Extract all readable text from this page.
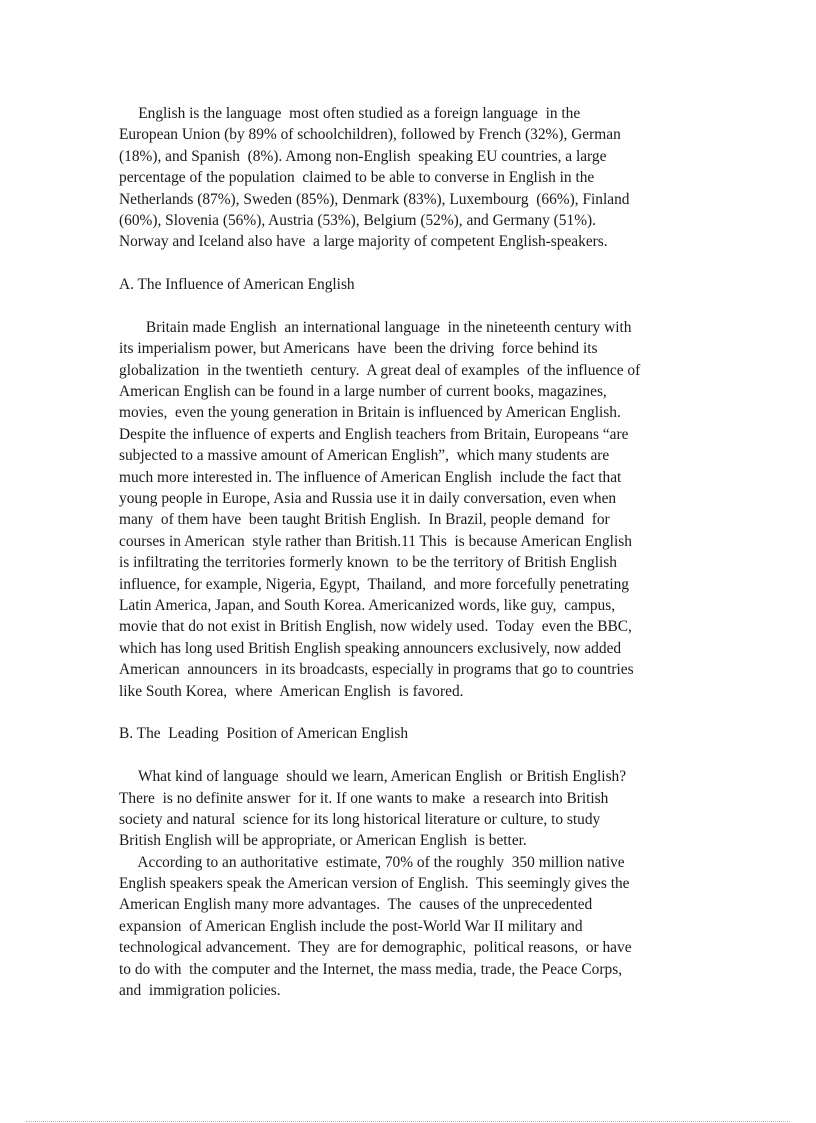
English is the language  most often studied as a foreign language  in the
European Union (by 89% of schoolchildren), followed by French (32%), German
(18%), and Spanish  (8%). Among non-English  speaking EU countries, a large
percentage of the population  claimed to be able to converse in English in the
Netherlands (87%), Sweden (85%), Denmark (83%), Luxembourg  (66%), Finland
(60%), Slovenia (56%), Austria (53%), Belgium (52%), and Germany (51%).
Norway and Iceland also have  a large majority of competent English-speakers.
A. The Influence of American English
Britain made English  an international language  in the nineteenth century with
its imperialism power, but Americans  have  been the driving  force behind its
globalization  in the twentieth  century.  A great deal of examples  of the influence of
American English can be found in a large number of current books, magazines,
movies,  even the young generation in Britain is influenced by American English.
Despite the influence of experts and English teachers from Britain, Europeans “are
subjected to a massive amount of American English”,  which many students are
much more interested in. The influence of American English  include the fact that
young people in Europe, Asia and Russia use it in daily conversation, even when
many  of them have  been taught British English.  In Brazil, people demand  for
courses in American  style rather than British.11 This  is because American English
is infiltrating the territories formerly known  to be the territory of British English
influence, for example, Nigeria, Egypt,  Thailand,  and more forcefully penetrating
Latin America, Japan, and South Korea. Americanized words, like guy,  campus,
movie that do not exist in British English, now widely used.  Today  even the BBC,
which has long used British English speaking announcers exclusively, now added
American  announcers  in its broadcasts, especially in programs that go to countries
like South Korea,  where  American English  is favored.
B. The  Leading  Position of American English
What kind of language  should we learn, American English  or British English?
There  is no definite answer  for it. If one wants to make  a research into British
society and natural  science for its long historical literature or culture, to study
British English will be appropriate, or American English  is better.
According to an authoritative  estimate, 70% of the roughly  350 million native
English speakers speak the American version of English.  This seemingly gives the
American English many more advantages.  The  causes of the unprecedented
expansion  of American English include the post-World War II military and
technological advancement.  They  are for demographic,  political reasons,  or have
to do with  the computer and the Internet, the mass media, trade, the Peace Corps,
and  immigration policies.
